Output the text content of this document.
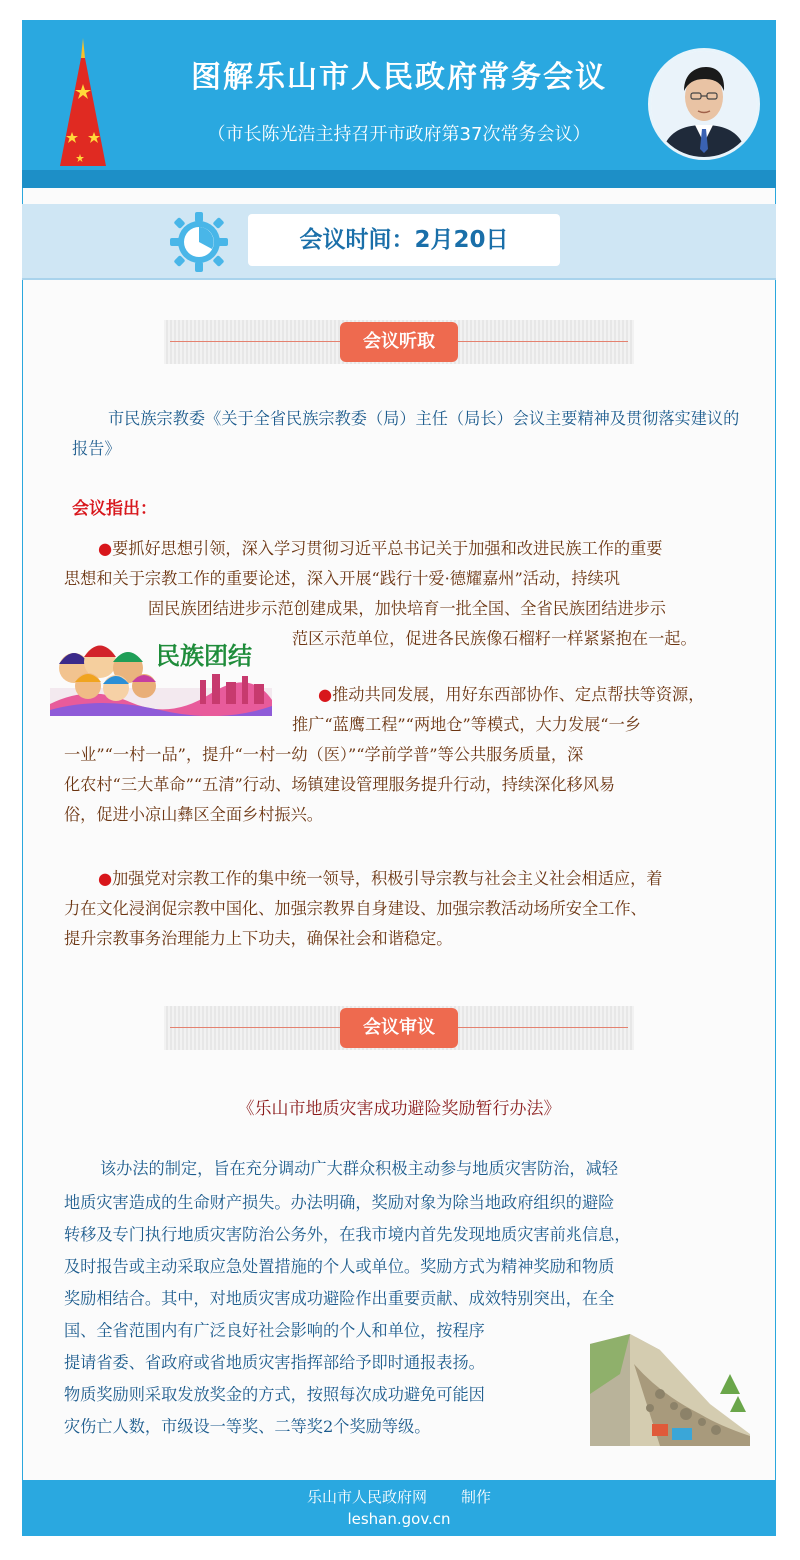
图解乐山市人民政府常务会议
（市长陈光浩主持召开市政府第37次常务会议）
会议时间：2月20日
会议听取

市民族宗教委《关于全省民族宗教委（局）主任（局长）会议主要精神及贯彻落实建议的报告》

会议指出：
●要抓好思想引领，深入学习贯彻习近平总书记关于加强和改进民族工作的重要
思想和关于宗教工作的重要论述，深入开展“践行十爱·德耀嘉州”活动，持续巩
固民族团结进步示范创建成果，加快培育一批全国、全省民族团结进步示
范区示范单位，促进各民族像石榴籽一样紧紧抱在一起。
民族团结
●推动共同发展，用好东西部协作、定点帮扶等资源，
推广“蓝鹰工程”“两地仓”等模式，大力发展“一乡
一业”“一村一品”，提升“一村一幼（医）”“学前学普”等公共服务质量，深
化农村“三大革命”“五清”行动、场镇建设管理服务提升行动，持续深化移风易
俗，促进小凉山彝区全面乡村振兴。
●加强党对宗教工作的集中统一领导，积极引导宗教与社会主义社会相适应，着
力在文化浸润促宗教中国化、加强宗教界自身建设、加强宗教活动场所安全工作、
提升宗教事务治理能力上下功夫，确保社会和谐稳定。
会议审议
《乐山市地质灾害成功避险奖励暂行办法》
该办法的制定，旨在充分调动广大群众积极主动参与地质灾害防治，减轻
地质灾害造成的生命财产损失。办法明确，奖励对象为除当地政府组织的避险
转移及专门执行地质灾害防治公务外，在我市境内首先发现地质灾害前兆信息，
及时报告或主动采取应急处置措施的个人或单位。奖励方式为精神奖励和物质
奖励相结合。其中，对地质灾害成功避险作出重要贡献、成效特别突出，在全
国、全省范围内有广泛良好社会影响的个人和单位，按程序
提请省委、省政府或省地质灾害指挥部给予即时通报表扬。
物质奖励则采取发放奖金的方式，按照每次成功避免可能因
灾伤亡人数，市级设一等奖、二等奖2个奖励等级。
乐山市人民政府网 制作
leshan.gov.cn
